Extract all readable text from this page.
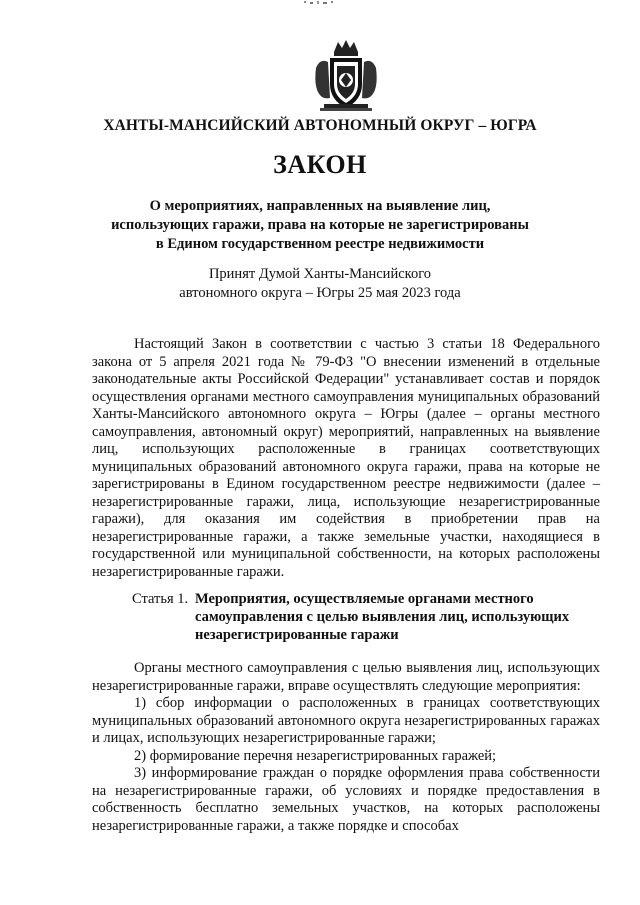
ХАНТЫ-МАНСИЙСКИЙ АВТОНОМНЫЙ ОКРУГ – ЮГРА
ЗАКОН
О мероприятиях, направленных на выявление лиц,
использующих гаражи, права на которые не зарегистрированы
в Едином государственном реестре недвижимости
Принят Думой Ханты-Мансийского
автономного округа – Югры 25 мая 2023 года

Настоящий Закон в соответствии с частью 3 статьи 18 Федерального закона от 5 апреля 2021 года № 79-ФЗ "О внесении изменений в отдельные законодательные акты Российской Федерации" устанавливает состав и порядок осуществления органами местного самоуправления муниципальных образований Ханты-Мансийского автономного округа – Югры (далее – органы местного самоуправления, автономный округ) мероприятий, направленных на выявление лиц, использующих расположенные в границах соответствующих муниципальных образований автономного округа гаражи, права на которые не зарегистрированы в Едином государственном реестре недвижимости (далее – незарегистрированные гаражи, лица, использующие незарегистрированные гаражи), для оказания им содействия в приобретении прав на незарегистрированные гаражи, а также земельные участки, находящиеся в государственной или муниципальной собственности, на которых расположены незарегистрированные гаражи.

Статья 1. Мероприятия, осуществляемые органами местного самоуправления с целью выявления лиц, использующих незарегистрированные гаражи

Органы местного самоуправления с целью выявления лиц, использующих незарегистрированные гаражи, вправе осуществлять следующие мероприятия:

1) сбор информации о расположенных в границах соответствующих муниципальных образований автономного округа незарегистрированных гаражах и лицах, использующих незарегистрированные гаражи;

2) формирование перечня незарегистрированных гаражей;

3) информирование граждан о порядке оформления права собственности на незарегистрированные гаражи, об условиях и порядке предоставления в собственность бесплатно земельных участков, на которых расположены незарегистрированные гаражи, а также порядке и способах
